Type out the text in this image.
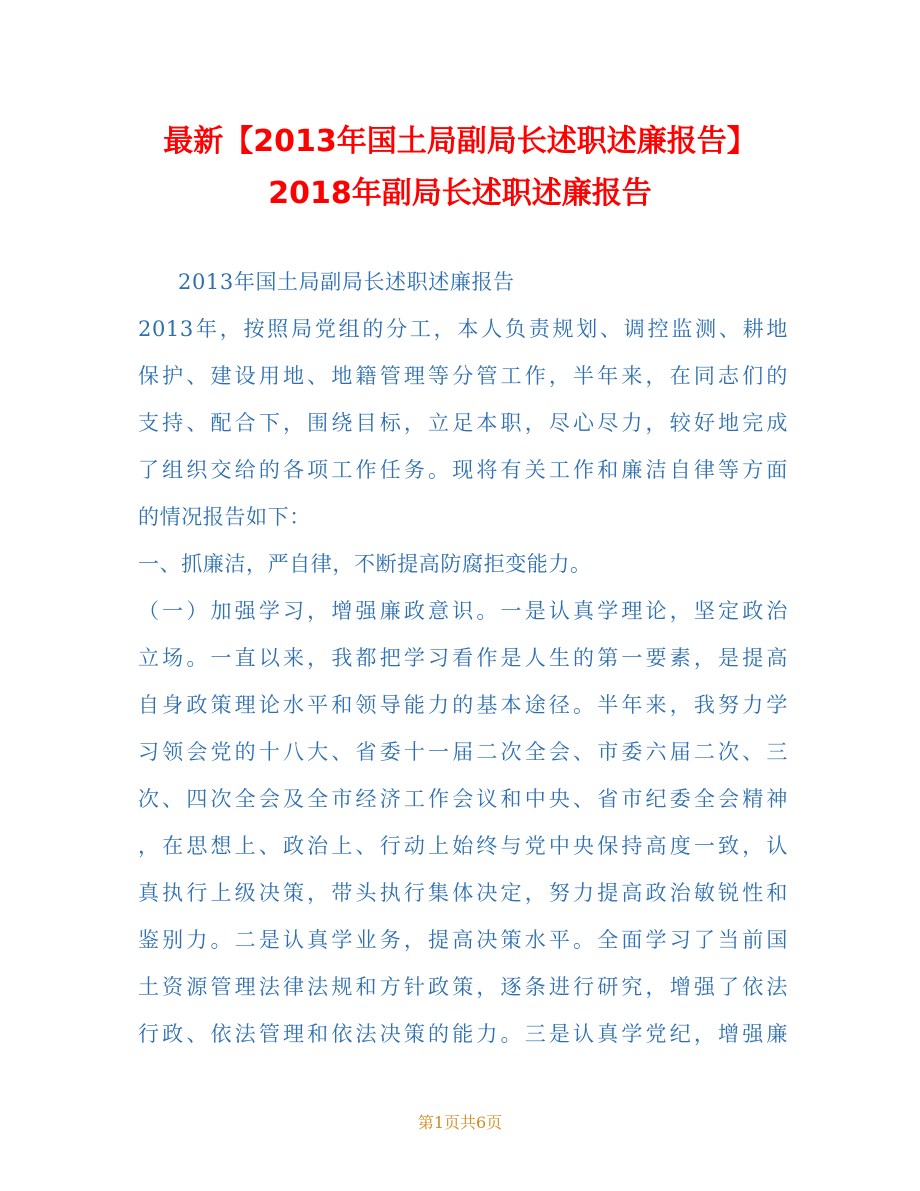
最新【2013年国土局副局长述职述廉报告】
2018年副局长述职述廉报告
2013年国土局副局长述职述廉报告
2013年，按照局党组的分工，本人负责规划、调控监测、耕地
保护、建设用地、地籍管理等分管工作，半年来，在同志们的
支持、配合下，围绕目标，立足本职，尽心尽力，较好地完成
了组织交给的各项工作任务。现将有关工作和廉洁自律等方面
的情况报告如下：
一、抓廉洁，严自律，不断提高防腐拒变能力。
（一）加强学习，增强廉政意识。一是认真学理论，坚定政治
立场。一直以来，我都把学习看作是人生的第一要素，是提高
自身政策理论水平和领导能力的基本途径。半年来，我努力学
习领会党的十八大、省委十一届二次全会、市委六届二次、三
次、四次全会及全市经济工作会议和中央、省市纪委全会精神
，在思想上、政治上、行动上始终与党中央保持高度一致，认
真执行上级决策，带头执行集体决定，努力提高政治敏锐性和
鉴别力。二是认真学业务，提高决策水平。全面学习了当前国
土资源管理法律法规和方针政策，逐条进行研究，增强了依法
行政、依法管理和依法决策的能力。三是认真学党纪，增强廉
第1页共6页
